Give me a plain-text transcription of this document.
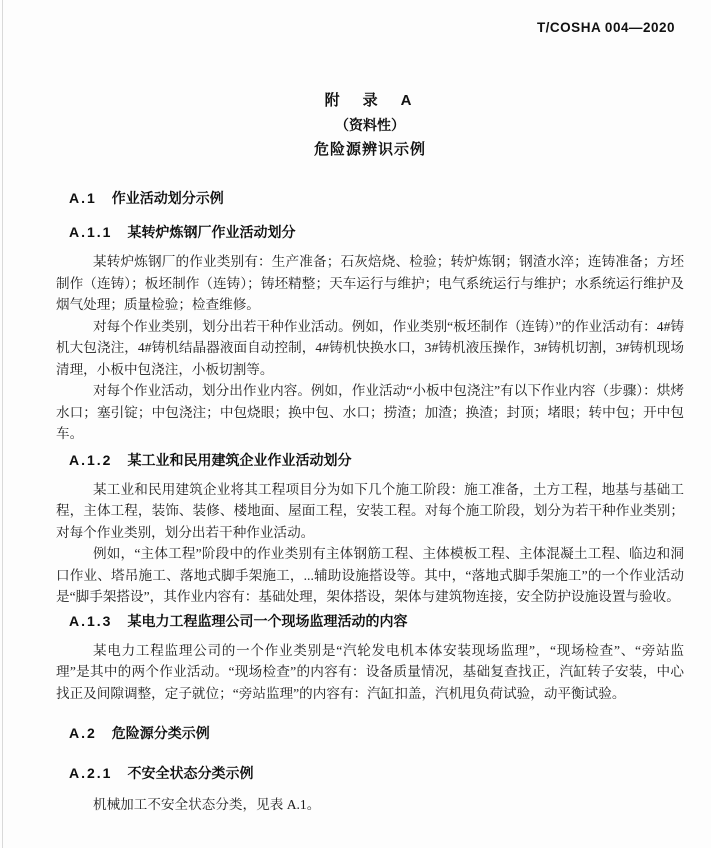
T/COSHA 004—2020
附　录　A
（资料性）
危险源辨识示例
A.1 作业活动划分示例
A.1.1 某转炉炼钢厂作业活动划分

某转炉炼钢厂的作业类别有：生产准备；石灰焙烧、检验；转炉炼钢；钢渣水淬；连铸准备；方坯制作（连铸）；板坯制作（连铸）；铸坯精整；天车运行与维护；电气系统运行与维护；水系统运行维护及烟气处理；质量检验；检查维修。

对每个作业类别，划分出若干种作业活动。例如，作业类别“板坯制作（连铸）”的作业活动有：4#铸机大包浇注，4#铸机结晶器液面自动控制，4#铸机快换水口，3#铸机液压操作，3#铸机切割，3#铸机现场清理，小板中包浇注，小板切割等。

对每个作业活动，划分出作业内容。例如，作业活动“小板中包浇注”有以下作业内容（步骤）：烘烤水口；塞引锭；中包浇注；中包烧眼；换中包、水口；捞渣；加渣；换渣；封顶；堵眼；转中包；开中包车。

A.1.2 某工业和民用建筑企业作业活动划分

某工业和民用建筑企业将其工程项目分为如下几个施工阶段：施工准备，土方工程，地基与基础工程，主体工程，装饰、装修、楼地面、屋面工程，安装工程。对每个施工阶段，划分为若干种作业类别；对每个作业类别，划分出若干种作业活动。

例如，“主体工程”阶段中的作业类别有主体钢筋工程、主体模板工程、主体混凝土工程、临边和洞口作业、塔吊施工、落地式脚手架施工，...辅助设施搭设等。其中，“落地式脚手架施工”的一个作业活动是“脚手架搭设”，其作业内容有：基础处理，架体搭设，架体与建筑物连接，安全防护设施设置与验收。

A.1.3 某电力工程监理公司一个现场监理活动的内容

某电力工程监理公司的一个作业类别是“汽轮发电机本体安装现场监理”，“现场检查”、“旁站监理”是其中的两个作业活动。“现场检查”的内容有：设备质量情况，基础复查找正，汽缸转子安装，中心找正及间隙调整，定子就位；“旁站监理”的内容有：汽缸扣盖，汽机甩负荷试验，动平衡试验。

A.2 危险源分类示例
A.2.1 不安全状态分类示例

机械加工不安全状态分类，见表 A.1。
